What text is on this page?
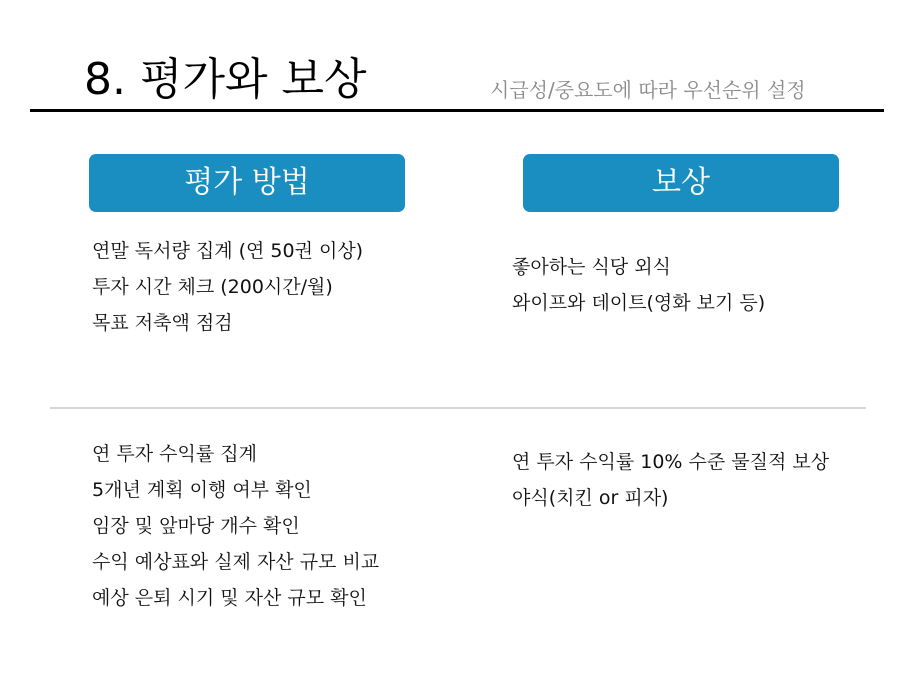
8. 평가와 보상	시급성/중요도에 따라 우선순위 설정
평가 방법	보상
연말 독서량 집계 (연 50권 이상)
투자 시간 체크 (200시간/월)
목표 저축액 점검
좋아하는 식당 외식
와이프와 데이트(영화 보기 등)
연 투자 수익률 집계
5개년 계획 이행 여부 확인
임장 및 앞마당 개수 확인
수익 예상표와 실제 자산 규모 비교
예상 은퇴 시기 및 자산 규모 확인
연 투자 수익률 10% 수준 물질적 보상
야식(치킨 or 피자)
